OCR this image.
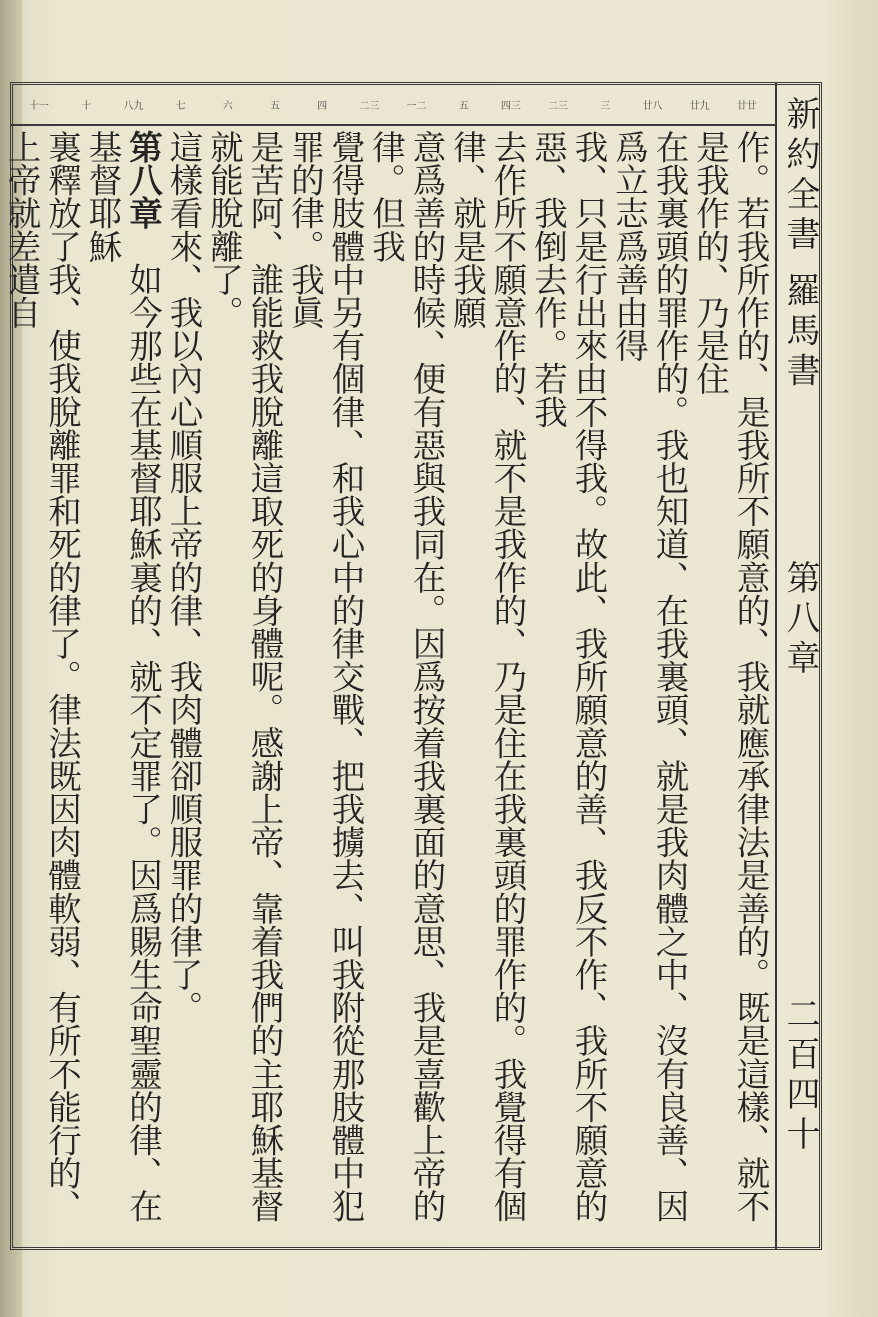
廿廿
廿九
廿八
三
二三
四三
五
一二
二三
四
五
六
七
八九
十
十一	新約全書 羅馬書
第八章
二百四十

作。若我所作的、是我所不願意的、我就應承律法是善的。既是這樣、就不是我作的、乃是住

在我裏頭的罪作的。我也知道、在我裏頭、就是我肉體之中、沒有良善、因爲立志爲善由得

我、只是行出來由不得我。故此、我所願意的善、我反不作、我所不願意的惡、我倒去作。若我

去作所不願意作的、就不是我作的、乃是住在我裏頭的罪作的。我覺得有個律、就是我願

意爲善的時候、便有惡與我同在。因爲按着我裏面的意思、我是喜歡上帝的律。但我

覺得肢體中另有個律、和我心中的律交戰、把我擄去、叫我附從那肢體中犯罪的律。我眞

是苦阿、誰能救我脫離這取死的身體呢。感謝上帝、靠着我們的主耶穌基督就能脫離了。

這樣看來、我以內心順服上帝的律、我肉體卻順服罪的律了。

第八章　如今那些在基督耶穌裏的、就不定罪了。因爲賜生命聖靈的律、在基督耶穌

裏釋放了我、使我脫離罪和死的律了。律法既因肉體軟弱、有所不能行的、上帝就差遣自
